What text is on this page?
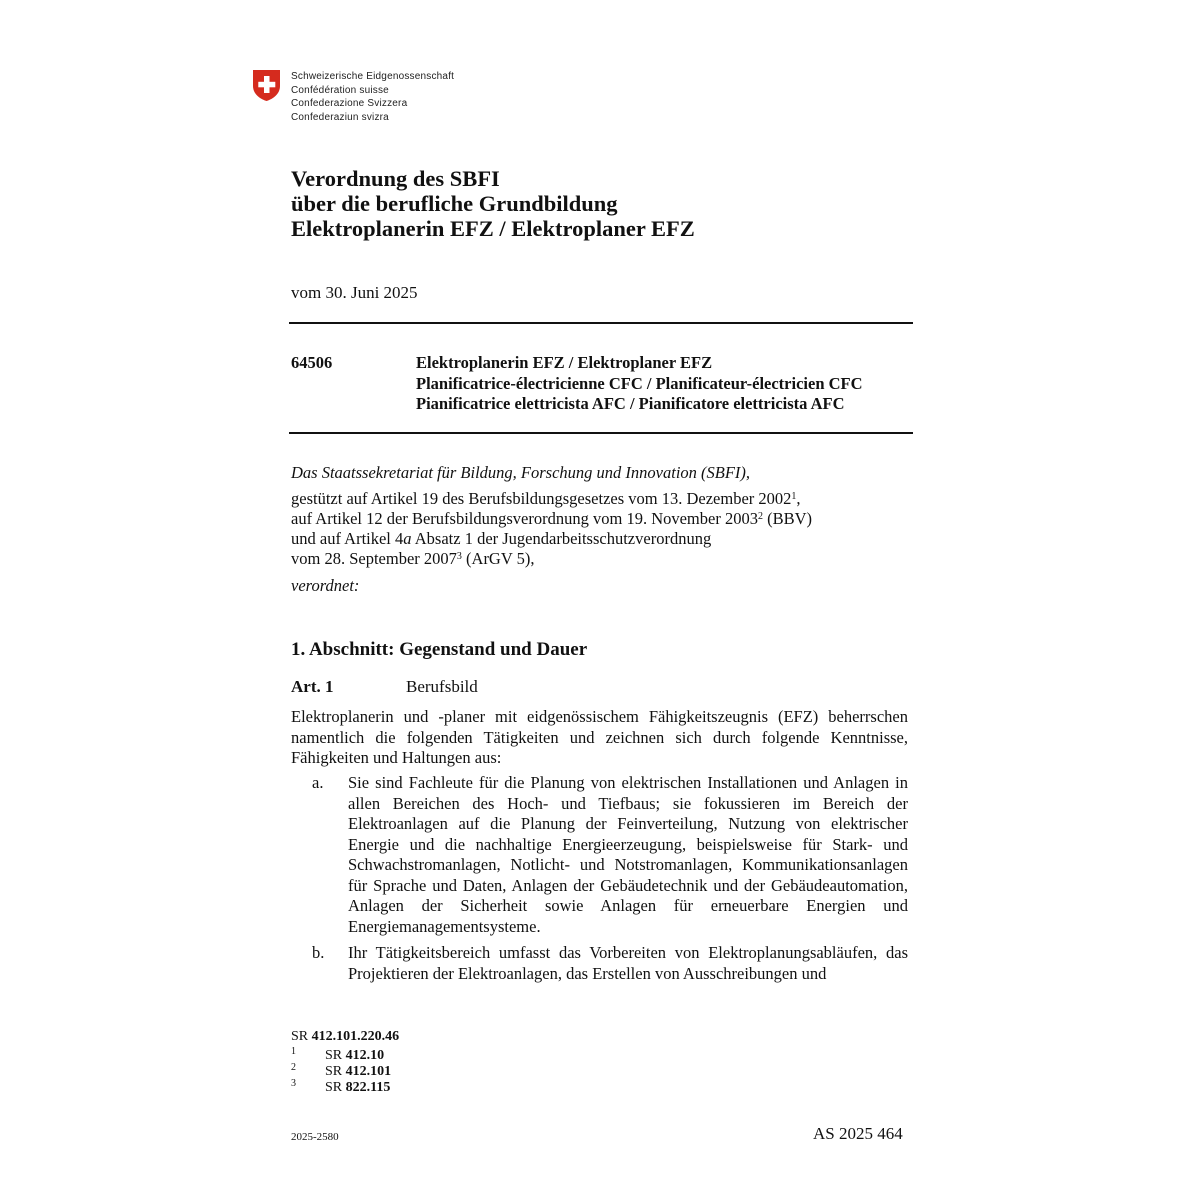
Schweizerische Eidgenossenschaft
Confédération suisse
Confederazione Svizzera
Confederaziun svizra
Verordnung des SBFI
über die berufliche Grundbildung
Elektroplanerin EFZ / Elektroplaner EFZ
vom 30. Juni 2025
64506	Elektroplanerin EFZ / Elektroplaner EFZ
Planificatrice-électricienne CFC / Planificateur-électricien CFC
Pianificatrice elettricista AFC / Pianificatore elettricista AFC
Das Staatssekretariat für Bildung, Forschung und Innovation (SBFI),
gestützt auf Artikel 19 des Berufsbildungsgesetzes vom 13. Dezember 2002$^1$,
auf Artikel 12 der Berufsbildungsverordnung vom 19. November 2003$^2$ (BBV)
und auf Artikel 4a Absatz 1 der Jugendarbeitsschutzverordnung
vom 28. September 2007$^3$ (ArGV 5),
verordnet:
1. Abschnitt: Gegenstand und Dauer
Art. 1	Berufsbild
Elektroplanerin und -planer mit eidgenössischem Fähigkeitszeugnis (EFZ) beherrschen namentlich die folgenden Tätigkeiten und zeichnen sich durch folgende Kenntnisse, Fähigkeiten und Haltungen aus:
a. Sie sind Fachleute für die Planung von elektrischen Installationen und Anlagen in allen Bereichen des Hoch- und Tiefbaus; sie fokussieren im Bereich der Elektroanlagen auf die Planung der Feinverteilung, Nutzung von elektrischer Energie und die nachhaltige Energieerzeugung, beispielsweise für Stark- und Schwachstromanlagen, Notlicht- und Notstromanlagen, Kommunikationsanlagen für Sprache und Daten, Anlagen der Gebäudetechnik und der Gebäudeautomation, Anlagen der Sicherheit sowie Anlagen für erneuerbare Energien und Energiemanagementsysteme.
b. Ihr Tätigkeitsbereich umfasst das Vorbereiten von Elektroplanungsabläufen, das Projektieren der Elektroanlagen, das Erstellen von Ausschreibungen und
SR 412.101.220.46
1 SR 412.10
2 SR 412.101
3 SR 822.115
2025-2580	AS 2025 464
